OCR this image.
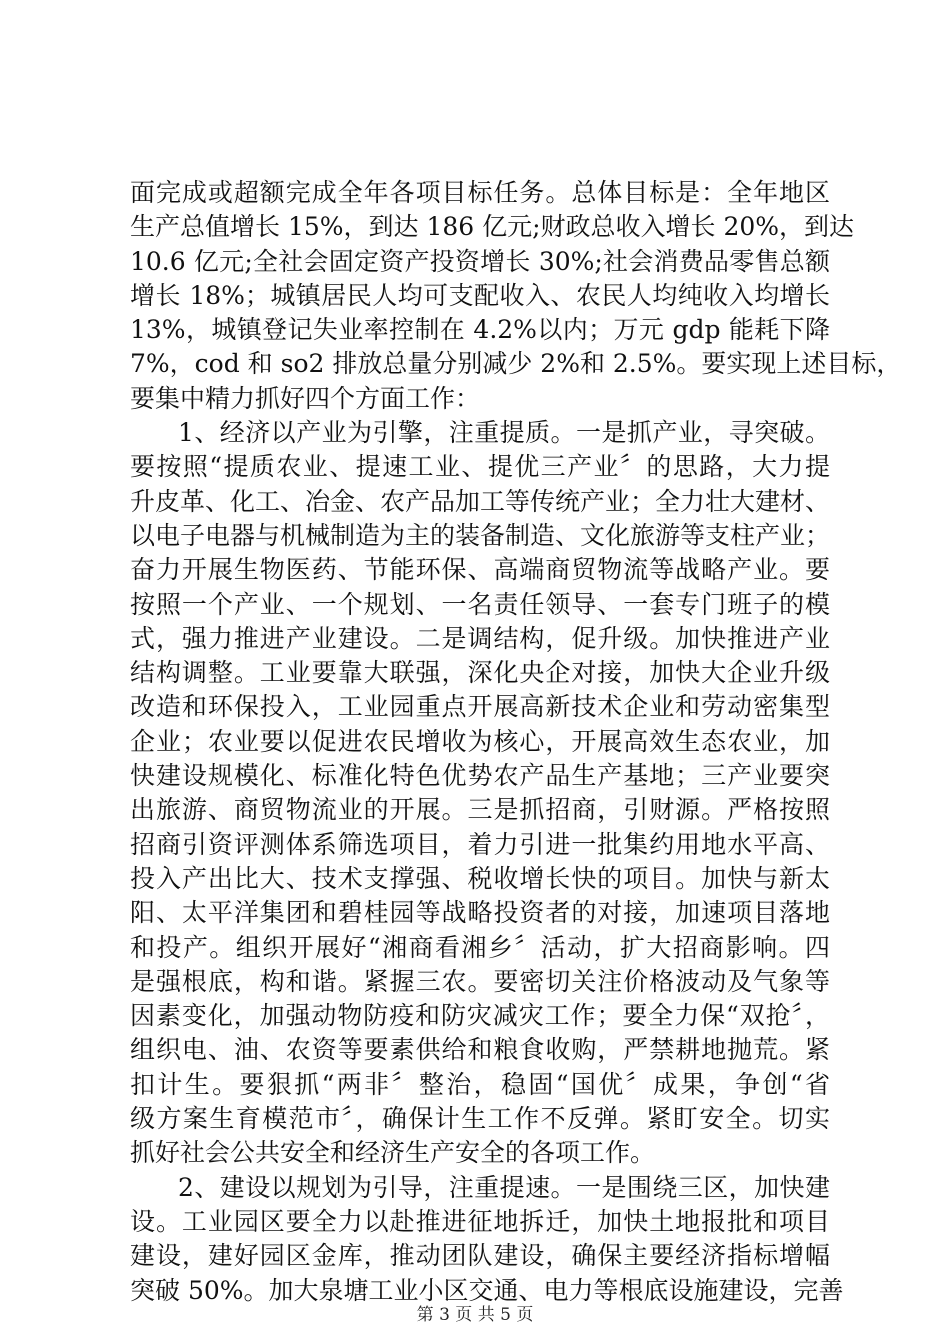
面完成或超额完成全年各项目标任务。总体目标是：全年地区
生产总值增长 15%，到达 186 亿元;财政总收入增长 20%，到达
10.6 亿元;全社会固定资产投资增长 30%;社会消费品零售总额
增长 18%；城镇居民人均可支配收入、农民人均纯收入均增长
13%，城镇登记失业率控制在 4.2%以内；万元 gdp 能耗下降
7%，cod 和 so2 排放总量分别减少 2%和 2.5%。要实现上述目标，
要集中精力抓好四个方面工作：
1、经济以产业为引擎，注重提质。一是抓产业，寻突破。
要按照“提质农业、提速工业、提优三产业〞的思路，大力提
升皮革、化工、冶金、农产品加工等传统产业；全力壮大建材、
以电子电器与机械制造为主的装备制造、文化旅游等支柱产业；
奋力开展生物医药、节能环保、高端商贸物流等战略产业。要
按照一个产业、一个规划、一名责任领导、一套专门班子的模
式，强力推进产业建设。二是调结构，促升级。加快推进产业
结构调整。工业要靠大联强，深化央企对接，加快大企业升级
改造和环保投入，工业园重点开展高新技术企业和劳动密集型
企业；农业要以促进农民增收为核心，开展高效生态农业，加
快建设规模化、标准化特色优势农产品生产基地；三产业要突
出旅游、商贸物流业的开展。三是抓招商，引财源。严格按照
招商引资评测体系筛选项目，着力引进一批集约用地水平高、
投入产出比大、技术支撑强、税收增长快的项目。加快与新太
阳、太平洋集团和碧桂园等战略投资者的对接，加速项目落地
和投产。组织开展好“湘商看湘乡〞活动，扩大招商影响。四
是强根底，构和谐。紧握三农。要密切关注价格波动及气象等
因素变化，加强动物防疫和防灾减灾工作；要全力保“双抢〞，
组织电、油、农资等要素供给和粮食收购，严禁耕地抛荒。紧
扣计生。要狠抓“两非〞整治，稳固“国优〞成果，争创“省
级方案生育模范市〞，确保计生工作不反弹。紧盯安全。切实
抓好社会公共安全和经济生产安全的各项工作。
2、建设以规划为引导，注重提速。一是围绕三区，加快建
设。工业园区要全力以赴推进征地拆迁，加快土地报批和项目
建设，建好园区金库，推动团队建设，确保主要经济指标增幅
突破 50%。加大泉塘工业小区交通、电力等根底设施建设，完善
第 3 页 共 5 页
